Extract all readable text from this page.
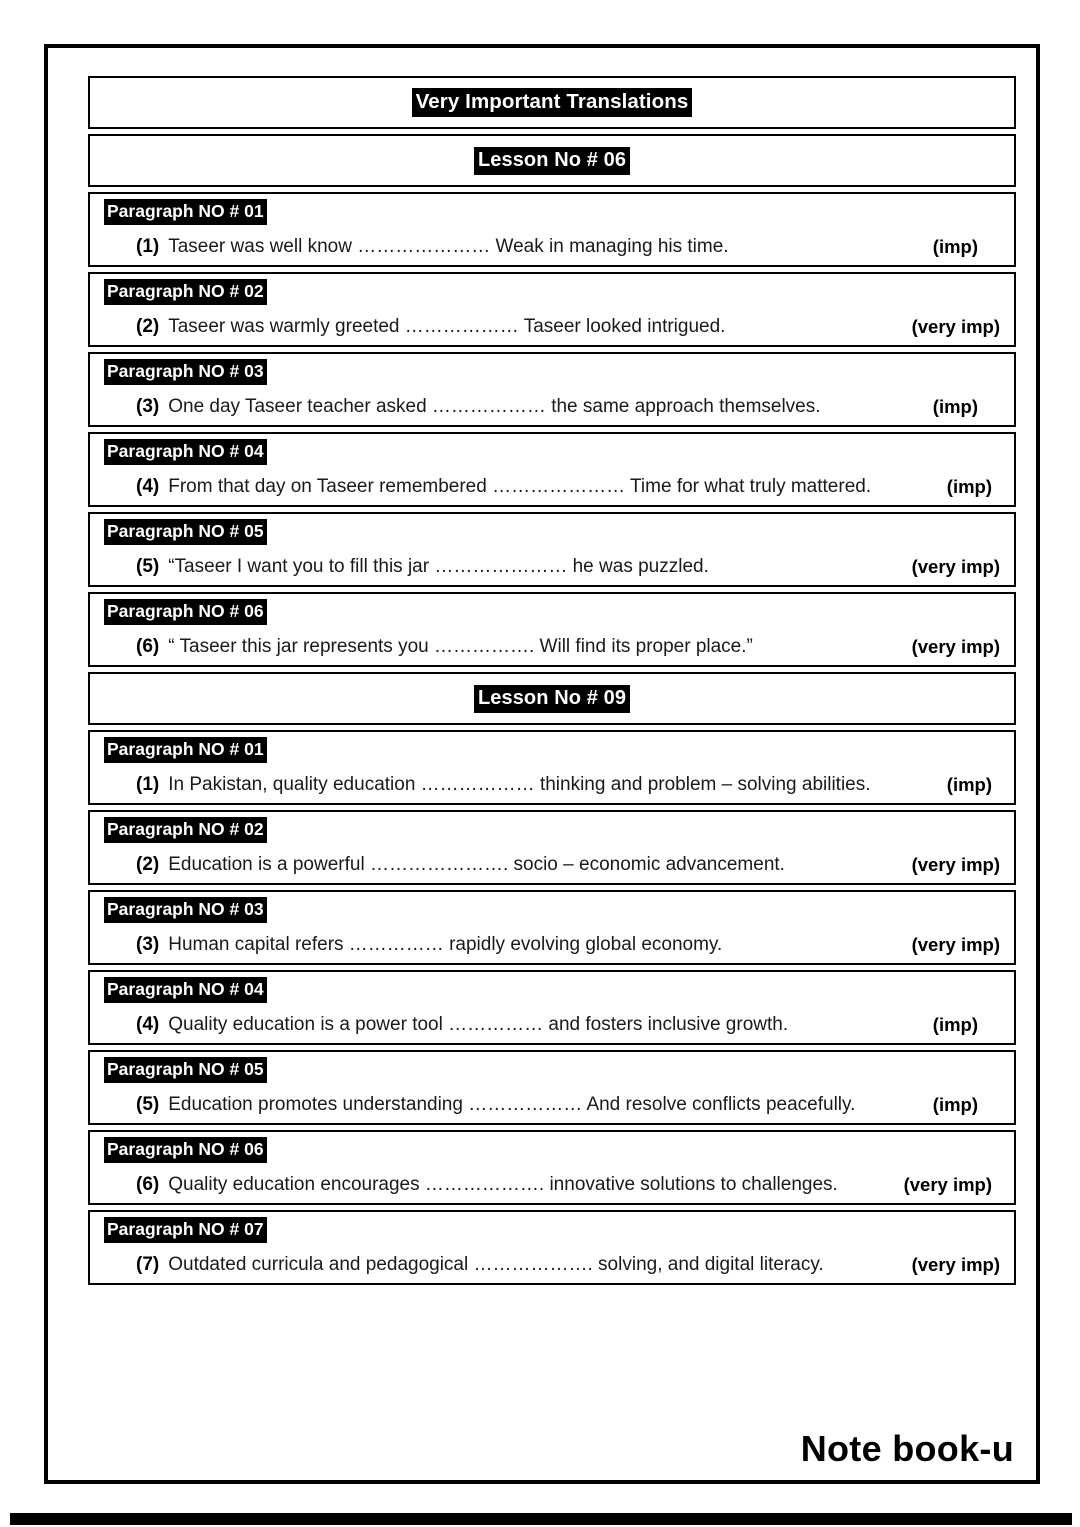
Very Important Translations
Lesson No # 06
Paragraph NO # 01
(1) Taseer was well know ………………… Weak in managing his time.	(imp)
Paragraph NO # 02
(2) Taseer was warmly greeted ……………… Taseer looked intrigued.	(very imp)
Paragraph NO # 03
(3) One day Taseer teacher asked ……………… the same approach themselves.	(imp)
Paragraph NO # 04
(4) From that day on Taseer remembered ………………… Time for what truly mattered.	(imp)
Paragraph NO # 05
(5) “Taseer I want you to fill this jar ………………… he was puzzled.	(very imp)
Paragraph NO # 06
(6) “ Taseer this jar represents you ……………. Will find its proper place.”	(very imp)
Lesson No # 09
Paragraph NO # 01
(1) In Pakistan, quality education ……………… thinking and problem – solving abilities.	(imp)
Paragraph NO # 02
(2) Education is a powerful …………………. socio – economic advancement.	(very imp)
Paragraph NO # 03
(3) Human capital refers …………… rapidly evolving global economy.	(very imp)
Paragraph NO # 04
(4) Quality education is a power tool …………… and fosters inclusive growth.	(imp)
Paragraph NO # 05
(5) Education promotes understanding ……………… And resolve conflicts peacefully.	(imp)
Paragraph NO # 06
(6) Quality education encourages ………………. innovative solutions to challenges.	(very imp)
Paragraph NO # 07
(7) Outdated curricula and pedagogical ………………. solving, and digital literacy.	(very imp)
Note book-u
